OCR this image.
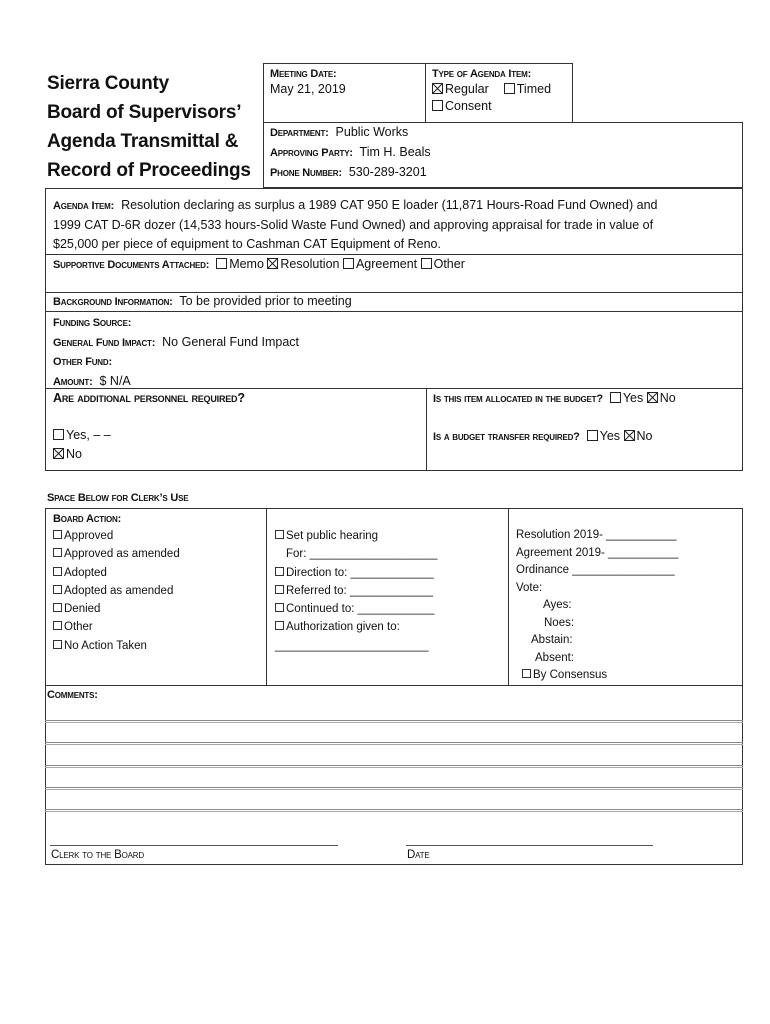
Sierra County
Board of Supervisors’
Agenda Transmittal &
Record of Proceedings
Meeting Date:
May 21, 2019
Type of Agenda Item:
Regular Timed
Consent
Department: Public Works
Approving Party: Tim H. Beals
Phone Number: 530-289-3201
Agenda Item: Resolution declaring as surplus a 1989 CAT 950 E loader (11,871 Hours-Road Fund Owned) and
1999 CAT D-6R dozer (14,533 hours-Solid Waste Fund Owned) and approving appraisal for trade in value of
$25,000 per piece of equipment to Cashman CAT Equipment of Reno.
Supportive Documents Attached: Memo Resolution Agreement Other
Background Information: To be provided prior to meeting
Funding Source:
General Fund Impact: No General Fund Impact
Other Fund:
Amount: $ N/A
Are additional personnel required?
Yes, – –
No
Is this item allocated in the budget? Yes No
Is a budget transfer required? Yes No
Space Below for Clerk’s Use
Board Action:
Approved
Approved as amended
Adopted
Adopted as amended
Denied
Other
No Action Taken
Set public hearing
For: ____________________
Direction to: _____________
Referred to: _____________
Continued to: ____________
Authorization given to:
________________________
Resolution 2019- ___________
Agreement 2019- ___________
Ordinance ________________
Vote:
Ayes:
Noes:
Abstain:
Absent:
By Consensus
Comments:
Clerk to the Board	Date
